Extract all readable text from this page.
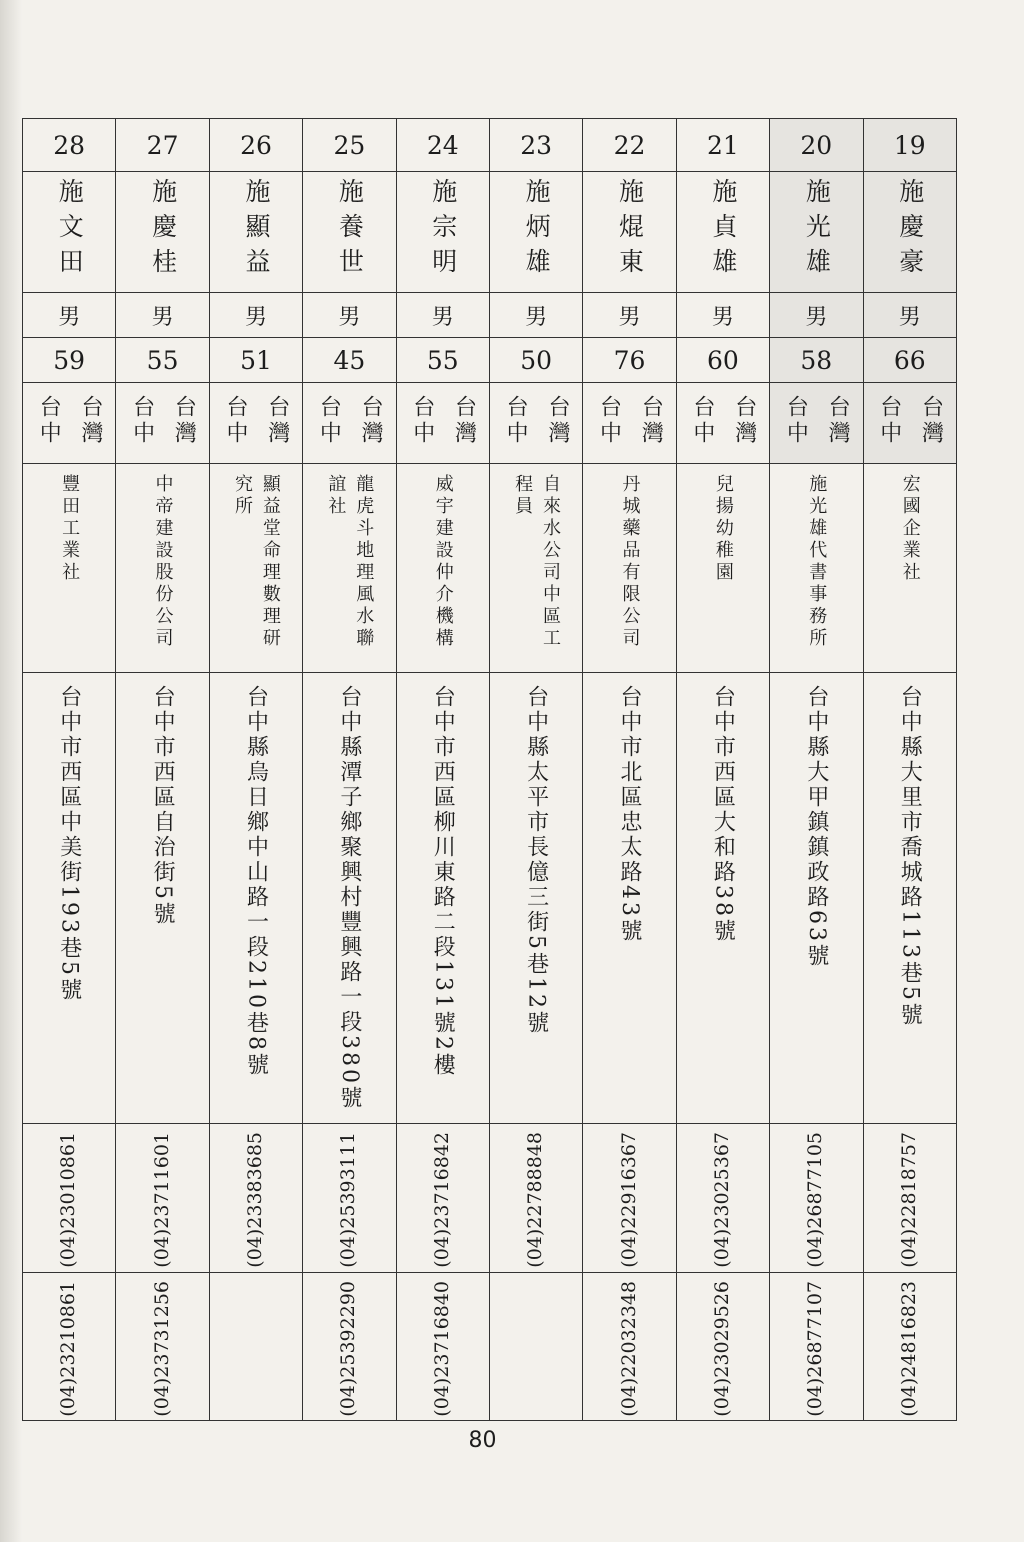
28	27	26	25	24	23	22	21	20	19
施文田	施慶桂	施顯益	施養世	施宗明	施炳雄	施焜東	施貞雄	施光雄	施慶豪
男	男	男	男	男	男	男	男	男	男
59	55	51	45	55	50	76	60	58	66
台灣台中	台灣台中	台灣台中	台灣台中	台灣台中	台灣台中	台灣台中	台灣台中	台灣台中	台灣台中
豐田工業社	中帝建設股份公司	顯益堂命理數理研究所	龍虎斗地理風水聯誼社	威宇建設仲介機構	自來水公司中區工程員	丹城藥品有限公司	兒揚幼稚園	施光雄代書事務所	宏國企業社
台中市西區中美街193巷5號	台中市西區自治街5號	台中縣烏日鄉中山路一段210巷8號	台中縣潭子鄉聚興村豐興路一段380號	台中市西區柳川東路二段131號2樓	台中縣太平市長億三街5巷12號	台中市北區忠太路43號	台中市西區大和路38號	台中縣大甲鎮鎮政路63號	台中縣大里市喬城路113巷5號
(04)23010861	(04)23711601	(04)23383685	(04)25393111	(04)23716842	(04)22788848	(04)22916367	(04)23025367	(04)26877105	(04)22818757
(04)23210861	(04)23731256		(04)25392290	(04)23716840		(04)22032348	(04)23029526	(04)26877107	(04)24816823
80
